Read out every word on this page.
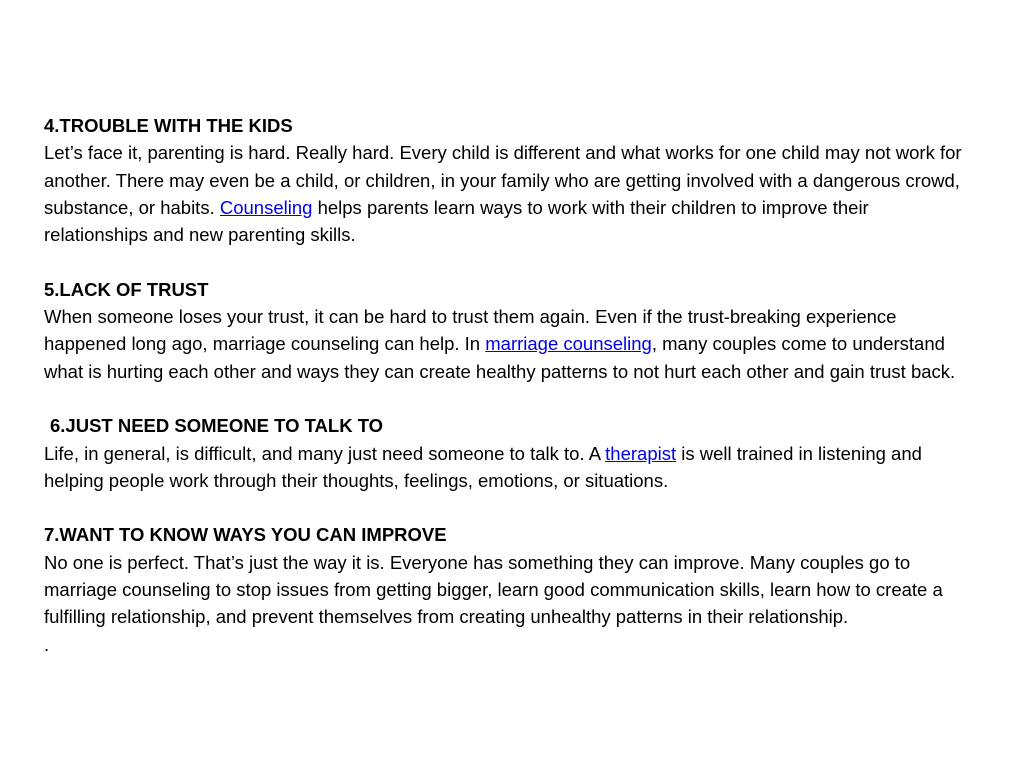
4.TROUBLE WITH THE KIDS
Let’s face it, parenting is hard. Really hard. Every child is different and what works for one child may not work for another. There may even be a child, or children, in your family who are getting involved with a dangerous crowd, substance, or habits. Counseling helps parents learn ways to work with their children to improve their relationships and new parenting skills.
5.LACK OF TRUST
When someone loses your trust, it can be hard to trust them again. Even if the trust-breaking experience happened long ago, marriage counseling can help. In marriage counseling, many couples come to understand what is hurting each other and ways they can create healthy patterns to not hurt each other and gain trust back.
6.JUST NEED SOMEONE TO TALK TO
Life, in general, is difficult, and many just need someone to talk to. A therapist is well trained in listening and helping people work through their thoughts, feelings, emotions, or situations.
7.WANT TO KNOW WAYS YOU CAN IMPROVE
No one is perfect. That’s just the way it is. Everyone has something they can improve. Many couples go to marriage counseling to stop issues from getting bigger, learn good communication skills, learn how to create a fulfilling relationship, and prevent themselves from creating unhealthy patterns in their relationship.
.
